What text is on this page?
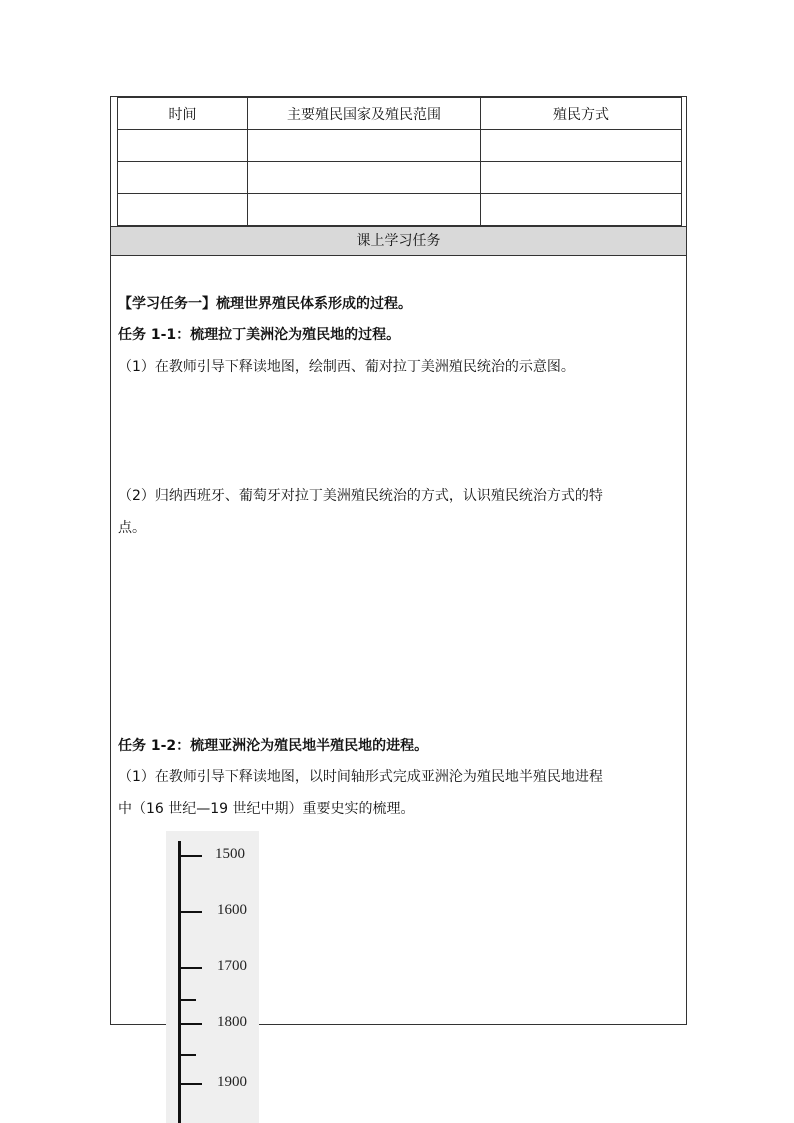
时间	主要殖民国家及殖民范围	殖民方式

课上学习任务
【学习任务一】梳理世界殖民体系形成的过程。
任务 1-1：梳理拉丁美洲沦为殖民地的过程。
（1）在教师引导下释读地图，绘制西、葡对拉丁美洲殖民统治的示意图。
（2）归纳西班牙、葡萄牙对拉丁美洲殖民统治的方式，认识殖民统治方式的特
点。
任务 1-2：梳理亚洲沦为殖民地半殖民地的进程。
（1）在教师引导下释读地图，以时间轴形式完成亚洲沦为殖民地半殖民地进程
中（16 世纪—19 世纪中期）重要史实的梳理。
1500
1600
1700
1800
1900
